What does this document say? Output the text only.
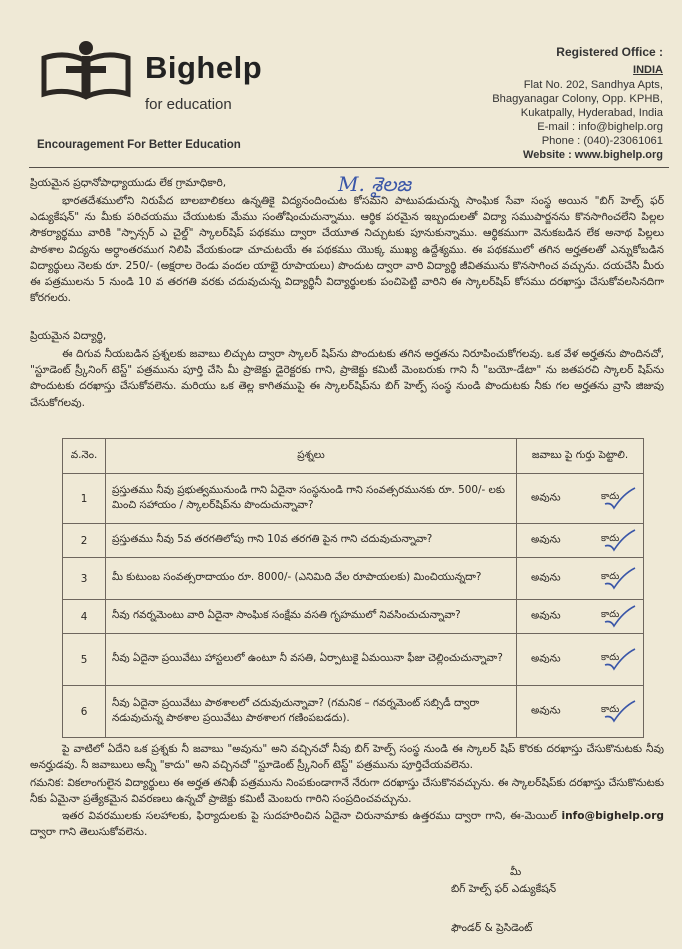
Bighelp
for education
Encouragement For Better Education
Registered Office :
INDIA
Flat No. 202, Sandhya Apts,
Bhagyanagar Colony, Opp. KPHB,
Kukatpally, Hyderabad, India
E-mail : info@bighelp.org
Phone : (040)-23061061
Website : www.bighelp.org
M. శైలజ
ప్రియమైన ప్రధానోపాధ్యాయుడు లేక గ్రామాధికారి,
భారతదేశములోని నిరుపేద బాలబాలికలు ఉన్నతికై విద్యనందించుట కోసమని పాటుపడుచున్న సాంఘిక సేవా సంస్థ అయిన "బిగ్ హెల్ప్ ఫర్ ఎడ్యుకేషన్" ను మీకు పరిచయము చేయుటకు మేము సంతోషించుచున్నాము. ఆర్థిక పరమైన ఇబ్బందులతో విద్యా సముపార్జనను కొనసాగించలేని పిల్లల సౌకర్యార్థము వారికి "స్పాన్సర్ ఎ చైల్డ్" స్కాలర్‌షిప్ పథకము ద్వారా చేయూత నిచ్చుటకు పూనుకున్నాము. ఆర్థికముగా వెనుకబడిన లేక అనాథ పిల్లలు పాఠశాల విద్యను అర్ధాంతరముగ నిలిపి వేయకుండా చూచుటయే ఈ పథకము యొక్క ముఖ్య ఉద్దేశ్యము. ఈ పథకములో తగిన అర్హతలతో ఎన్నుకోబడిన విద్యార్థులు నెలకు రూ. 250/- (అక్షరాల రెండు వందల యాభై రూపాయలు) పొందుట ద్వారా వారి విద్యార్థి జీవితమును కొనసాగించ వచ్చును. దయచేసి మీరు ఈ పత్రములను 5 నుండి 10 వ తరగతి వరకు చదువుచున్న విద్యార్థినీ విద్యార్థులకు పంచిపెట్టి వారిని ఈ స్కాలర్‌షిప్ కోసము దరఖాస్తు చేసుకోవలసినదిగా కోరగలరు.
ప్రియమైన విద్యార్థి,
ఈ దిగువ నీయబడిన ప్రశ్నలకు జవాబు లిచ్చుట ద్వారా స్కాలర్ షిప్‌ను పొందుటకు తగిన అర్హతను నిరూపించుకోగలవు. ఒక వేళ అర్హతను పొందినచో, "స్టూడెంట్ స్ర్కీనింగ్ టెస్ట్" పత్రమును పూర్తి చేసి మీ ప్రాజెక్టు డైరెక్టరకు గాని, ప్రాజెక్టు కమిటీ మెంబరుకు గాని నీ "బయో-డేటా" ను జతపరచి స్కాలర్ షిప్‌ను పొందుటకు దరఖాస్తు చేసుకోవలెను. మరియు ఒక తెల్ల కాగితముపై ఈ స్కాలర్‌షిప్‌ను బిగ్ హెల్ప్ సంస్థ నుండి పొందుటకు నీకు గల అర్హతను వ్రాసి జిజువు చేసుకోగలవు.
వ.నెం.	ప్రశ్నలు	జవాబు పై గుర్తు పెట్టాలి.
1	ప్రస్తుతము నీవు ప్రభుత్వమునుండి గాని ఏదైనా సంస్థనుండి గాని సంవత్సరమునకు రూ. 500/- లకు మించి సహాయం / స్కాలర్‌షిప్‌ను పొందుచున్నావా?	అవును కాదు

2	ప్రస్తుతము నీవు 5వ తరగతిలోపు గాని 10వ తరగతి పైన గాని చదువుచున్నావా?	అవును కాదు

3	మీ కుటుంబ సంవత్సరాదాయం రూ. 8000/- (ఎనిమిది వేల రూపాయలకు) మించియున్నదా?	అవును కాదు

4	నీవు గవర్నమెంటు వారి ఏదైనా సాంఘిక సంక్షేమ వసతి గృహములో నివసించుచున్నావా?	అవును కాదు

5	నీవు ఏదైనా ప్రయివేటు హాస్టలులో ఉంటూ నీ వసతి, ఏర్పాటుకై ఏమయినా ఫీజు చెల్లించుచున్నావా?	అవును కాదు

6	నీవు ఏదైనా ప్రయివేటు పాఠశాలలో చదువుచున్నావా? (గమనిక – గవర్నమెంట్ సబ్సిడీ ద్వారా నడువుచున్న పాఠశాల ప్రయివేటు పాఠశాలగ గణింపబడదు).	అవును కాదు
పై వాటిలో ఏదేని ఒక ప్రశ్నకు నీ జవాబు "అవును" అని వచ్చినచో నీవు బిగ్ హెల్ప్ సంస్థ నుండి ఈ స్కాలర్ షిప్ కొరకు దరఖాస్తు చేసుకొనుటకు నీవు అనర్హుడవు. నీ జవాబులు అన్నీ "కాదు" అని వచ్చినచో "స్టూడెంట్ స్ర్కీనింగ్ టెస్ట్" పత్రమును పూర్తిచేయవలెను.
గమనిక: వికలాంగులైన విద్యార్థులు ఈ అర్హత తనిఖీ పత్రమును నింపకుండాగానే నేరుగా దరఖాస్తు చేసుకొనవచ్చును. ఈ స్కాలర్‌షిప్‌కు దరఖాస్తు చేసుకొనుటకు నీకు ఏమైనా ప్రత్యేకమైన వివరణలు ఉన్నచో ప్రాజెక్టు కమిటీ మెంబరు గారిని సంప్రదించవచ్చును.
ఇతర వివరములకు సలహాలకు, ఫిర్యాదులకు పై సుదహరించిన ఏదైనా చిరునామాకు ఉత్తరము ద్వారా గాని, ఈ-మెయిల్ info@bighelp.org ద్వారా గాని తెలుసుకోవలెను.
మీ
బిగ్ హెల్ప్ ఫర్ ఎడ్యుకేషన్
ఫౌండర్ & ప్రెసిడెంట్
